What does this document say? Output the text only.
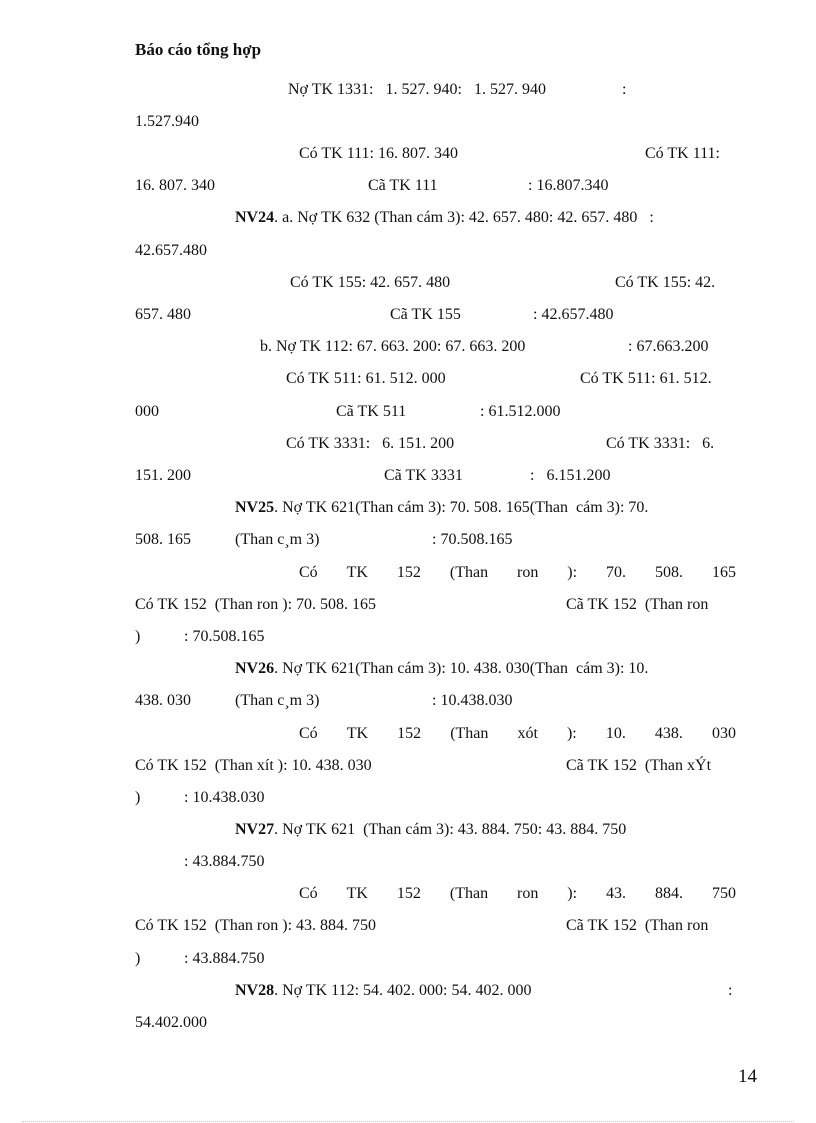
Báo cáo tổng hợp
Nợ TK 1331:   1. 527. 940:   1. 527. 940                   :
1.527.940
Có TK 111: 16. 807. 340	Có TK 111:
16. 807. 340	Cã TK 111	: 16.807.340
NV24. a. Nợ TK 632 (Than cám 3): 42. 657. 480: 42. 657. 480   :
42.657.480
Có TK 155: 42. 657. 480	Có TK 155: 42.
657. 480	Cã TK 155	: 42.657.480
b. Nợ TK 112: 67. 663. 200: 67. 663. 200	: 67.663.200
Có TK 511: 61. 512. 000	Có TK 511: 61. 512.
000	Cã TK 511	: 61.512.000
Có TK 3331:   6. 151. 200	Có TK 3331:   6.
151. 200	Cã TK 3331	:   6.151.200
NV25. Nợ TK 621(Than cám 3): 70. 508. 165(Than  cám 3): 70.
508. 165	(Than c¸m 3)	: 70.508.165
Có TK 152 (Than ron ): 70. 508. 165
Có TK 152  (Than ron ): 70. 508. 165	Cã TK 152  (Than ron
)	: 70.508.165
NV26. Nợ TK 621(Than cám 3): 10. 438. 030(Than  cám 3): 10.
438. 030	(Than c¸m 3)	: 10.438.030
Có TK 152 (Than xót ): 10. 438. 030
Có TK 152  (Than xít ): 10. 438. 030	Cã TK 152  (Than xÝt
)	: 10.438.030
NV27. Nợ TK 621  (Than cám 3): 43. 884. 750: 43. 884. 750
: 43.884.750
Có TK 152 (Than ron ): 43. 884. 750
Có TK 152  (Than ron ): 43. 884. 750	Cã TK 152  (Than ron
)	: 43.884.750
NV28. Nợ TK 112: 54. 402. 000: 54. 402. 000	:
54.402.000
14
